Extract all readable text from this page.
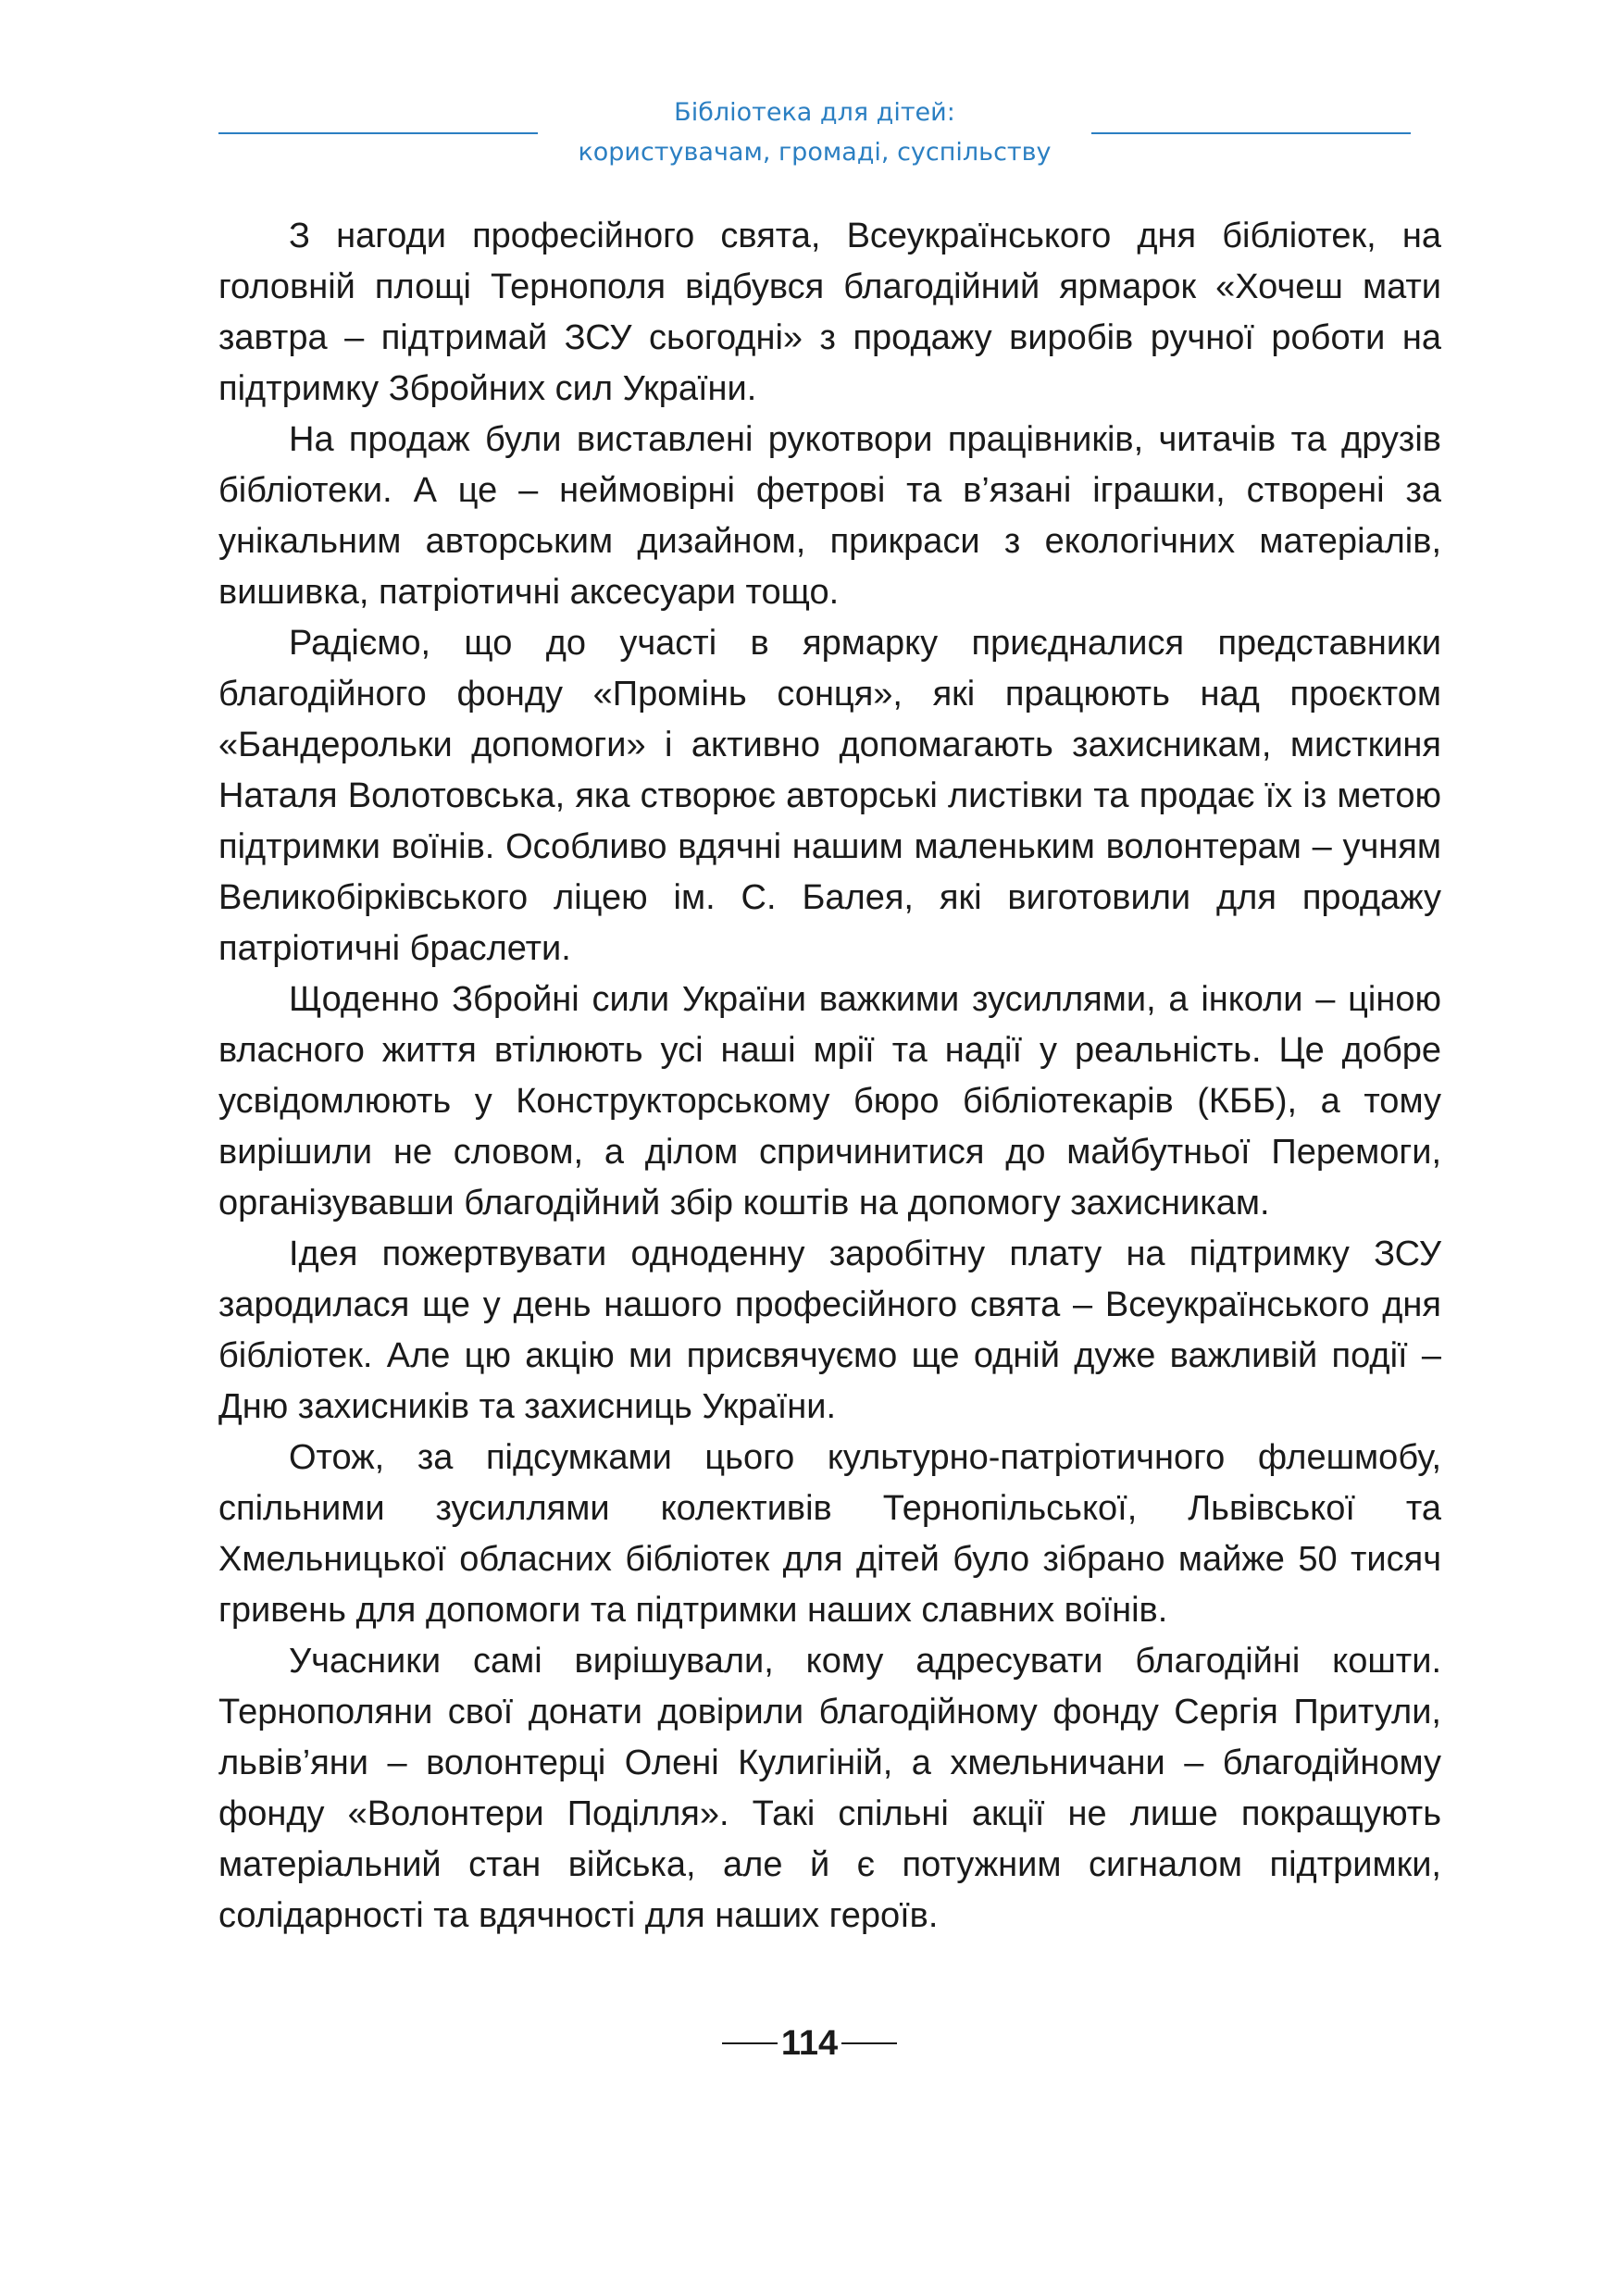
Бібліотека для дітей:
користувачам, громаді, суспільству

З нагоди професійного свята, Всеукраїнського дня бібліотек, на головній площі Тернополя відбувся благодійний ярмарок «Хочеш мати завтра – підтримай ЗСУ сьогодні» з продажу виробів ручної роботи на підтримку Збройних сил України.

На продаж були виставлені рукотвори працівників, читачів та друзів бібліотеки. А це – неймовірні фетрові та в’язані іграшки, створені за унікальним авторським дизайном, прикраси з екологічних матеріалів, вишивка, патріотичні аксесуари тощо.

Радіємо, що до участі в ярмарку приєдналися представники благодійного фонду «Промінь сонця», які працюють над проєктом «Бандерольки допомоги» і активно допомагають захисникам, мисткиня Наталя Волотовська, яка створює авторські листівки та продає їх із метою підтримки воїнів. Особливо вдячні нашим маленьким волонтерам – учням Великобірківського ліцею ім. С. Балея, які виготовили для продажу патріотичні браслети.

Щоденно Збройні сили України важкими зусиллями, а інколи – ціною власного життя втілюють усі наші мрії та надії у реальність. Це добре усвідомлюють у Конструкторському бюро бібліотекарів (КББ), а тому вирішили не словом, а ділом спричинитися до майбутньої Перемоги, організувавши благодійний збір коштів на допомогу захисникам.

Ідея пожертвувати одноденну заробітну плату на підтримку ЗСУ зародилася ще у день нашого професійного свята – Всеукраїнського дня бібліотек. Але цю акцію ми присвячуємо ще одній дуже важливій події – Дню захисників та захисниць України.

Отож, за підсумками цього культурно-патріотичного флешмобу, спільними зусиллями колективів Тернопільської, Львівської та Хмельницької обласних бібліотек для дітей було зібрано майже 50 тисяч гривень для допомоги та підтримки наших славних воїнів.

Учасники самі вирішували, кому адресувати благодійні кошти. Тернополяни свої донати довірили благодійному фонду Сергія Притули, львів’яни – волонтерці Олені Кулигіній, а хмельничани – благодійному фонду «Волонтери Поділля». Такі спільні акції не лише покращують матеріальний стан війська, але й є потужним сигналом підтримки, солідарності та вдячності для наших героїв.

114
